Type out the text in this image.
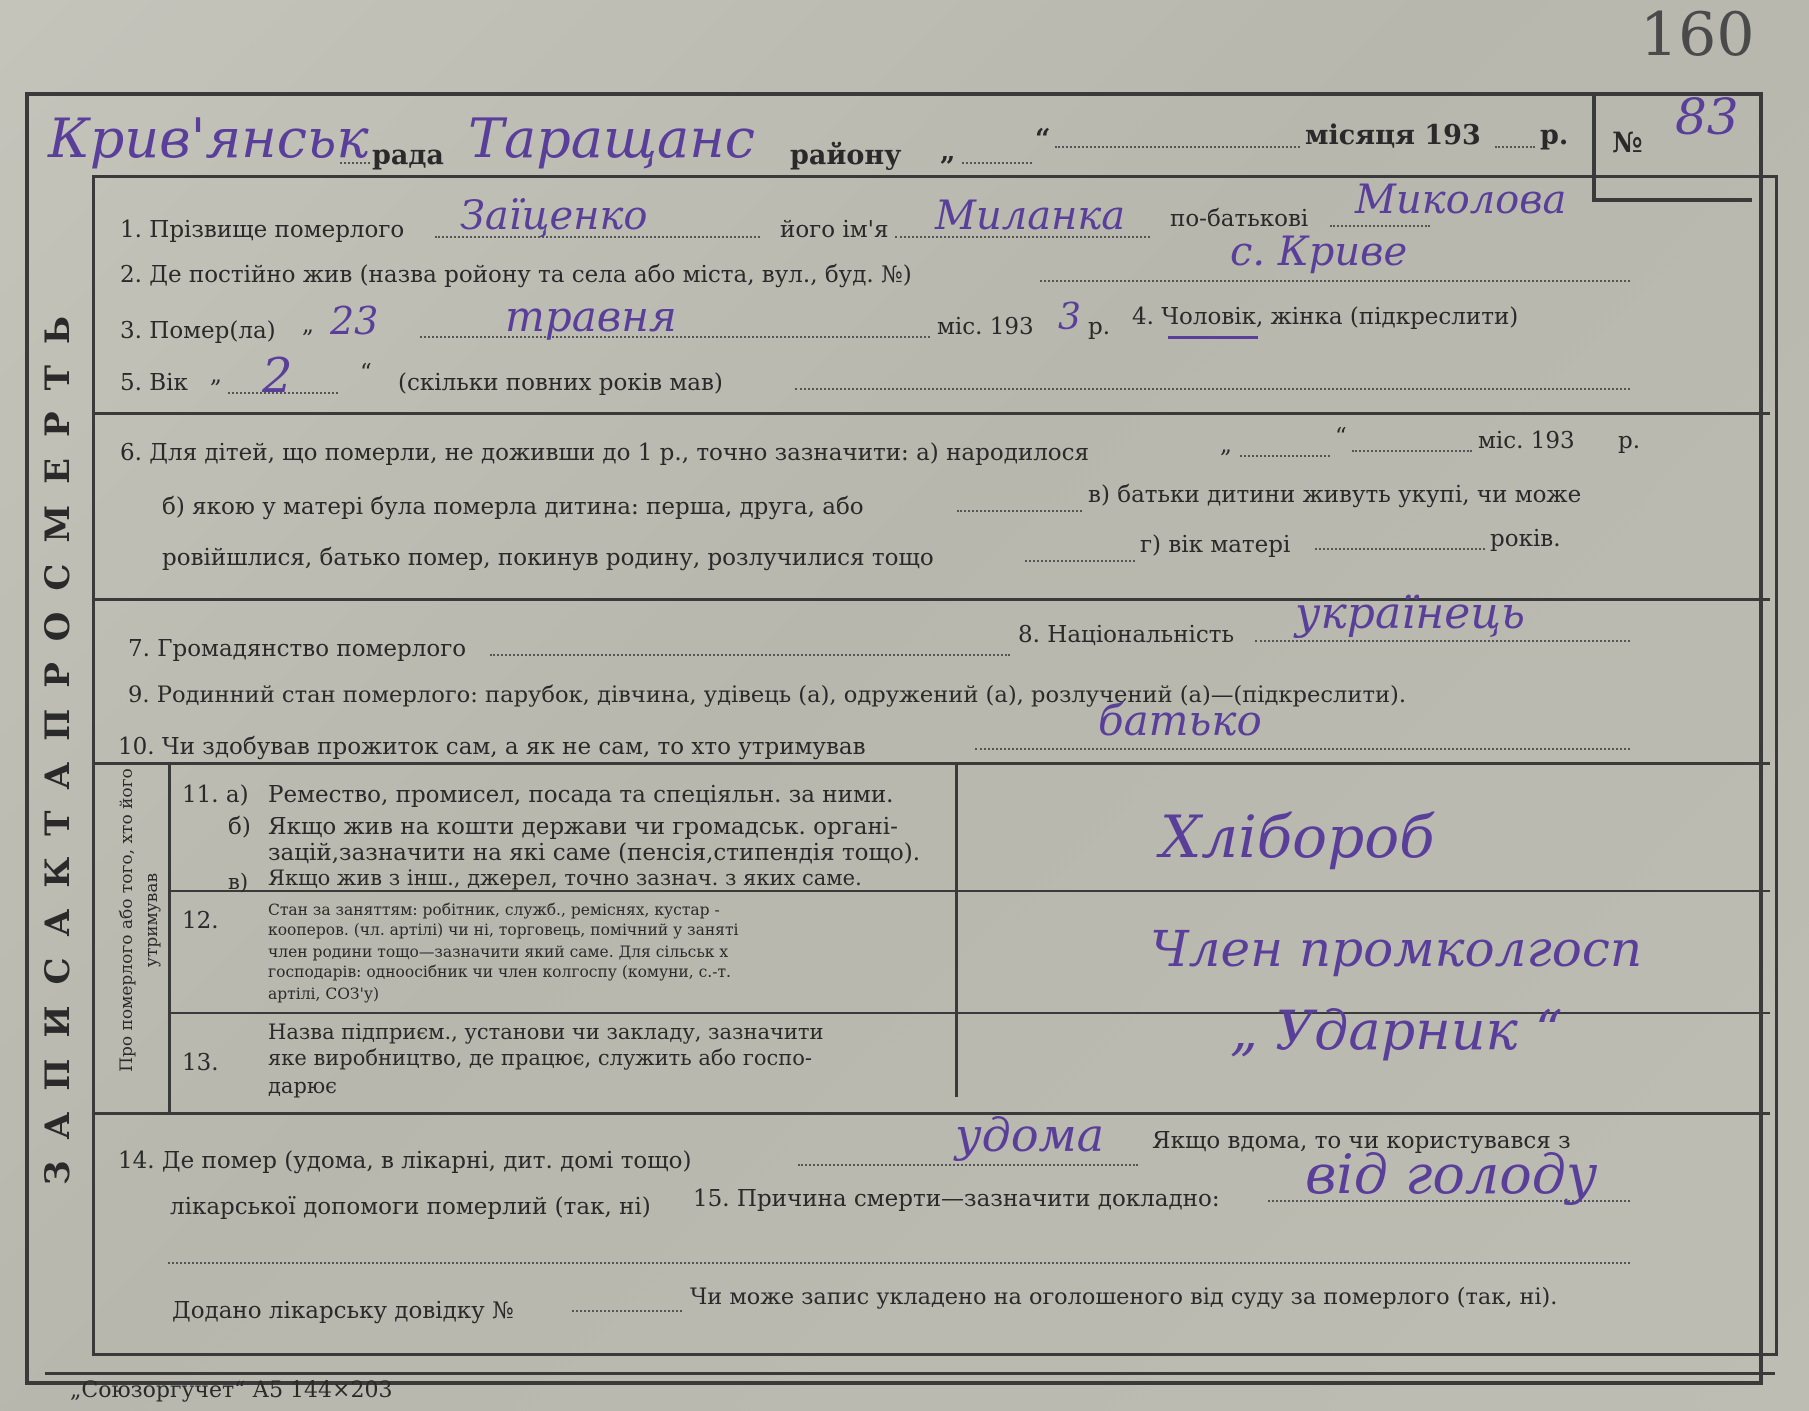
160
Крив'янськ рада Таращанс району „	“	місяця 193 р. № 83
ЗАПИСАКТАПРОСМЕРТЬ
1. Прізвище померлого Заїценко	його ім'я Миланка по-батькові Миколова
2. Де постійно жив (назва ройону та села або міста, вул., буд. №)	с. Криве
3. Помер(ла) „ 23	травня	міс. 193 3 р. 4. Чоловік, жінка (підкреслити)
5. Вік „ 2	“ (скільки повних років мав)
6. Для дітей, що померли, не доживши до 1 р., точно зазначити: а) народилося	„	“	міс. 193 р.
б) якою у матері була померла дитина: перша, друга, або	в) батьки дитини живуть укупі, чи може
ровійшлися, батько помер, покинув родину, розлучилися тощо	г) вік матері	років.
7. Громадянство померлого
8. Національність українець
9. Родинний стан померлого: парубок, дівчина, удівець (а), одружений (а), розлучений (а)—(підкреслити).
10. Чи здобував прожиток сам, а як не сам, то хто утримував
батько
Про померлого або того, хто його утримував
11. а) Ремество, промисел, посада та спеціяльн. за ними.
б) Якщо жив на кошти держави чи громадськ. органі-
зацій,зазначити на які саме (пенсія,стипендія тощо).
в) Якщо жив з інш., джерел, точно зазнач. з яких саме.
Хлібороб
12.	Стан за заняттям: робітник, служб., реміснях, кустар -
кооперов. (чл. артілі) чи ні, торговець, помічний у заняті
член родини тощо—зазначити який саме. Для сільськ х
господарів: одноосібник чи член колгоспу (комуни, с.-т.
артілі, СОЗ'у)
Член промколгосп
13.
Назва підприєм., установи чи закладу, зазначити
яке виробництво, де працює, служить або госпо-
дарює
„ Ударник “
14. Де помер (удома, в лікарні, дит. домі тощо)	удома Якщо вдома, то чи користувався з
лікарської допомоги померлий (так, ні) 15. Причина смерти—зазначити докладно: від голоду
Додано лікарську довідку №
Чи може запис укладено на оголошеного від суду за померлого (так, ні).
„Союзоргучет“ А5 144×203
